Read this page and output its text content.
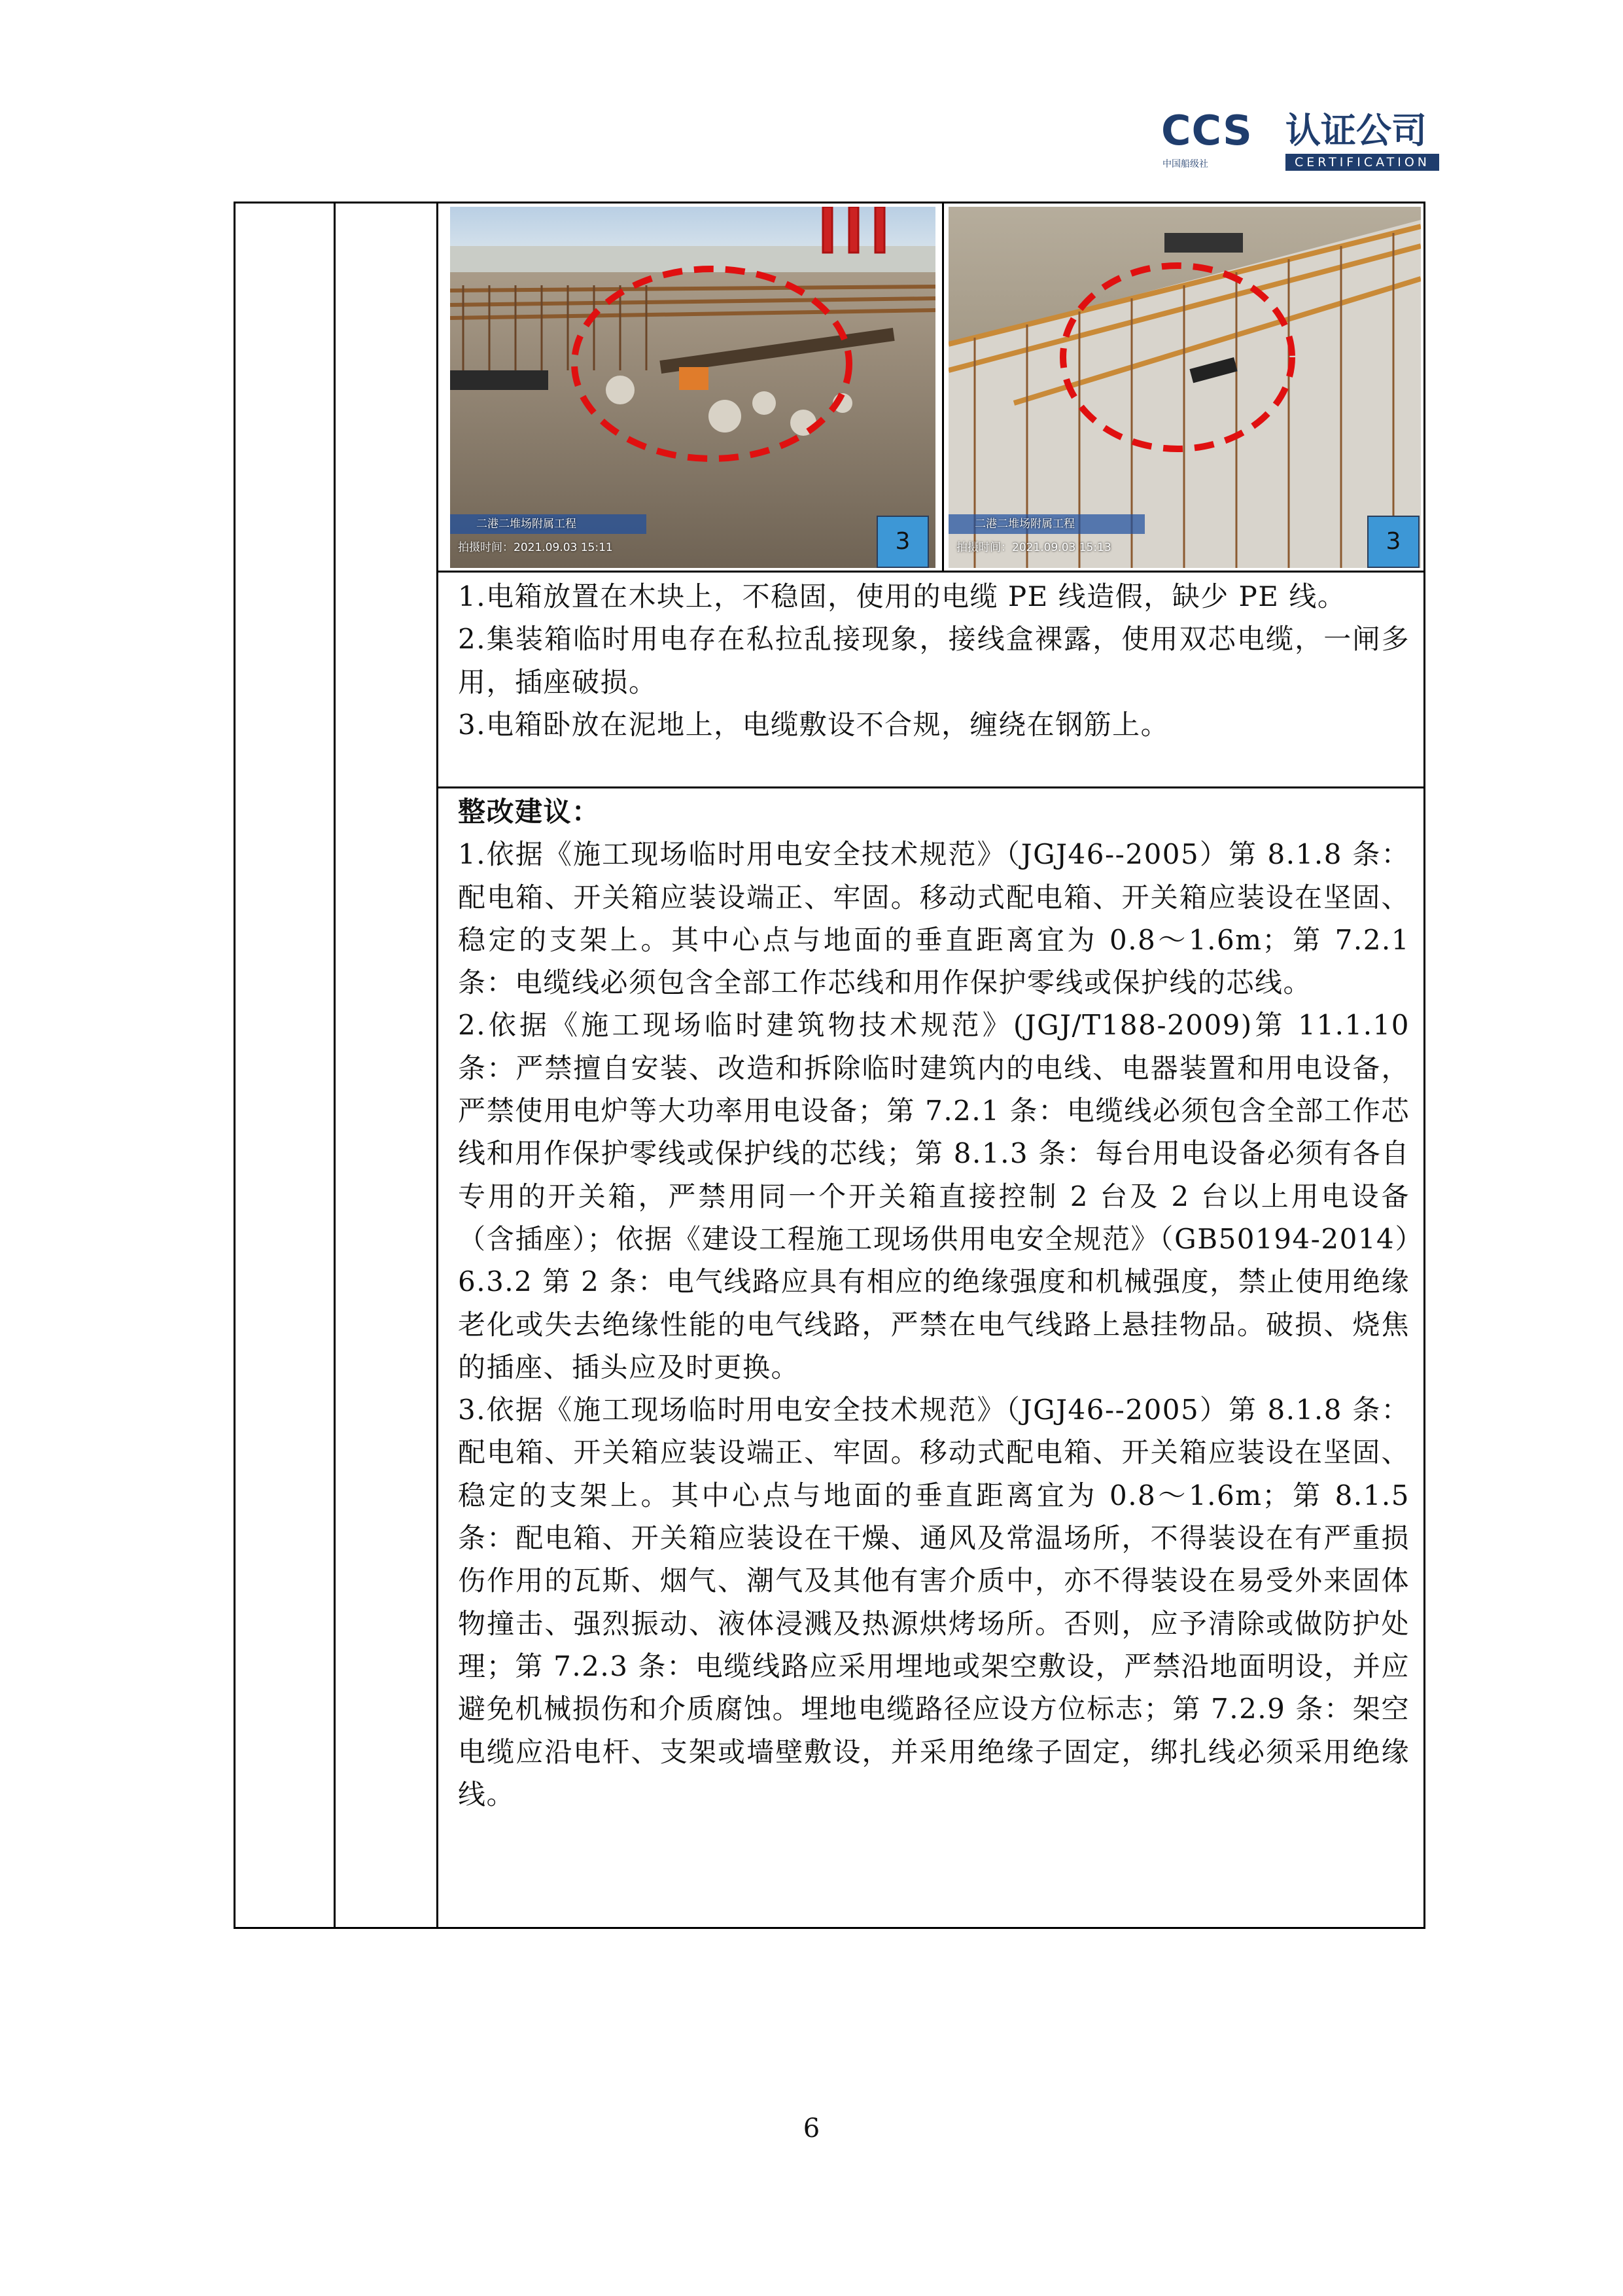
CCS 认证公司
中国船级社	CERTIFICATION
二港二堆场附属工程
拍摄时间：2021.09.03 15:11	3
二港二堆场附属工程
拍摄时间：2021.09.03 15:13	3

1.电箱放置在木块上，不稳固，使用的电缆 PE 线造假，缺少 PE 线。

2.集装箱临时用电存在私拉乱接现象，接线盒裸露，使用双芯电缆，一闸多用，插座破损。

3.电箱卧放在泥地上，电缆敷设不合规，缠绕在钢筋上。

整改建议：

1.依据《施工现场临时用电安全技术规范》（JGJ46--2005）第 8.1.8 条：配电箱、开关箱应装设端正、牢固。移动式配电箱、开关箱应装设在坚固、稳定的支架上。其中心点与地面的垂直距离宜为 0.8～1.6m；第 7.2.1 条：电缆线必须包含全部工作芯线和用作保护零线或保护线的芯线。

2.依据《施工现场临时建筑物技术规范》(JGJ/T188-2009)第 11.1.10 条：严禁擅自安装、改造和拆除临时建筑内的电线、电器装置和用电设备，严禁使用电炉等大功率用电设备；第 7.2.1 条：电缆线必须包含全部工作芯线和用作保护零线或保护线的芯线；第 8.1.3 条：每台用电设备必须有各自专用的开关箱，严禁用同一个开关箱直接控制 2 台及 2 台以上用电设备（含插座）；依据《建设工程施工现场供用电安全规范》（GB50194-2014）6.3.2 第 2 条：电气线路应具有相应的绝缘强度和机械强度，禁止使用绝缘老化或失去绝缘性能的电气线路，严禁在电气线路上悬挂物品。破损、烧焦的插座、插头应及时更换。

3.依据《施工现场临时用电安全技术规范》（JGJ46--2005）第 8.1.8 条：配电箱、开关箱应装设端正、牢固。移动式配电箱、开关箱应装设在坚固、稳定的支架上。其中心点与地面的垂直距离宜为 0.8～1.6m；第 8.1.5 条：配电箱、开关箱应装设在干燥、通风及常温场所，不得装设在有严重损伤作用的瓦斯、烟气、潮气及其他有害介质中，亦不得装设在易受外来固体物撞击、强烈振动、液体浸溅及热源烘烤场所。否则，应予清除或做防护处理；第 7.2.3 条：电缆线路应采用埋地或架空敷设，严禁沿地面明设，并应避免机械损伤和介质腐蚀。埋地电缆路径应设方位标志；第 7.2.9 条：架空电缆应沿电杆、支架或墙壁敷设，并采用绝缘子固定，绑扎线必须采用绝缘线。

6
